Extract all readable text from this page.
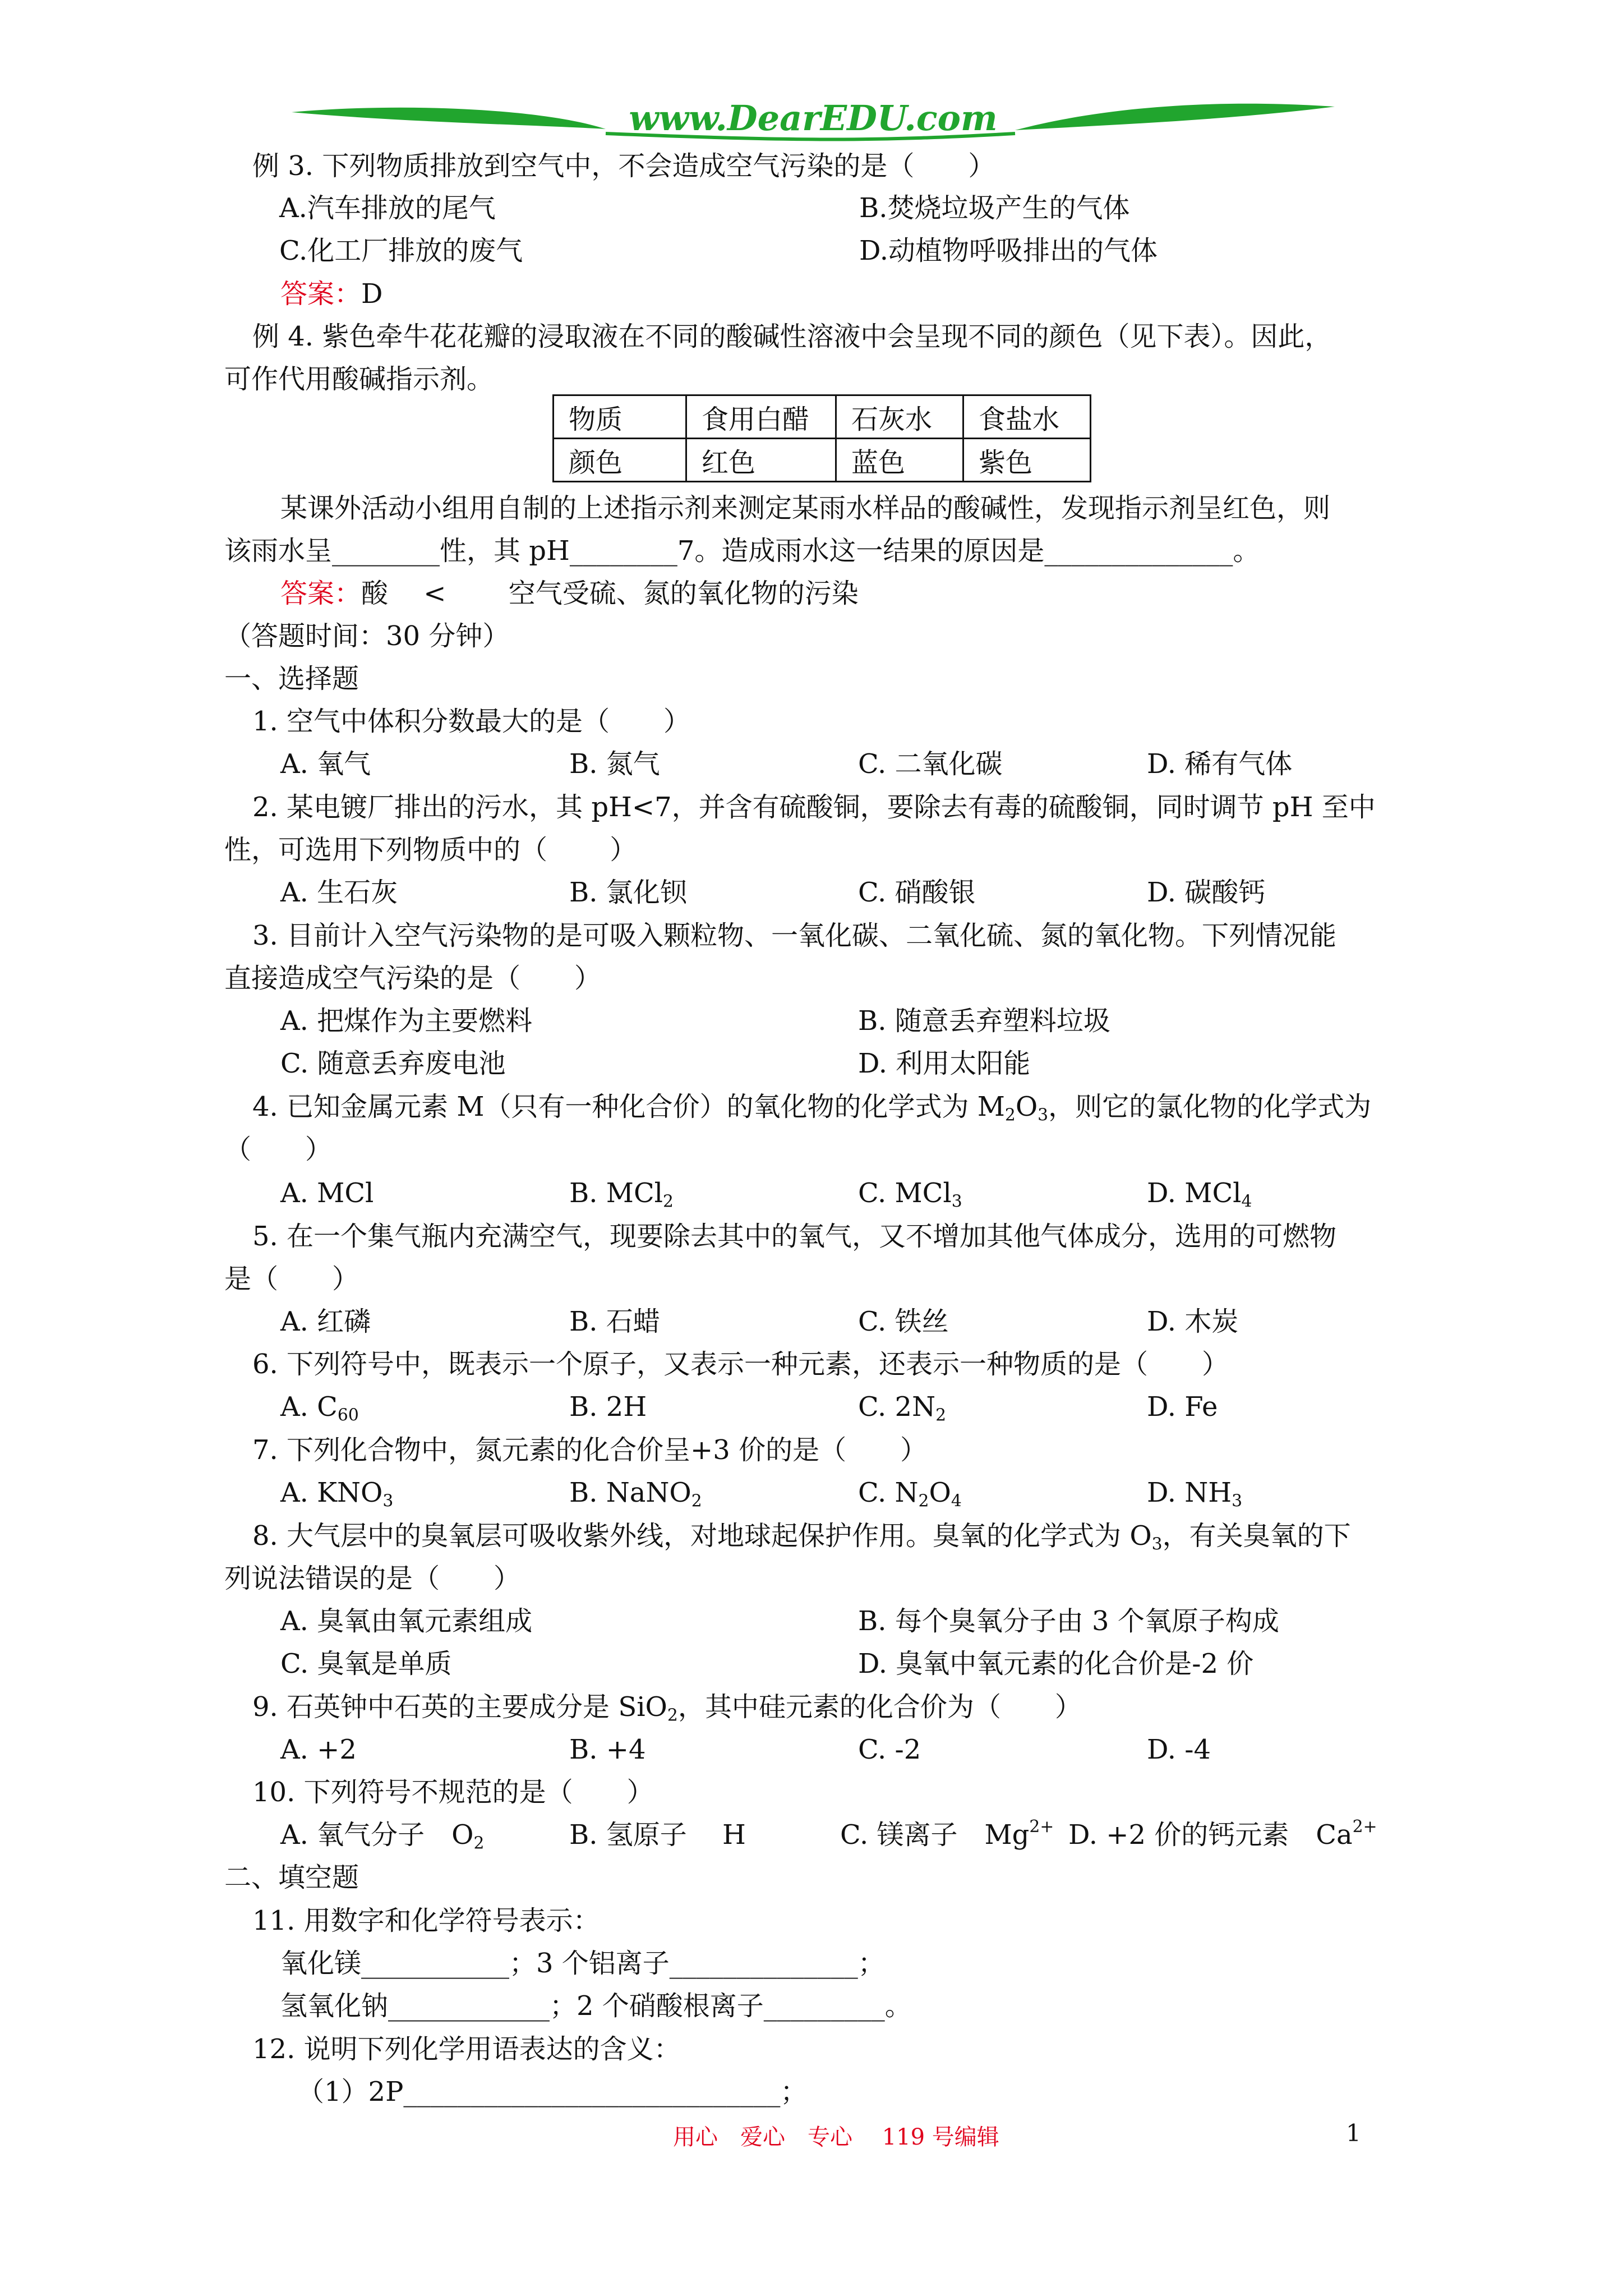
www.DearEDU.com
例 3. 下列物质排放到空气中，不会造成空气污染的是（　　）
A.汽车排放的尾气	B.焚烧垃圾产生的气体
C.化工厂排放的废气	D.动植物呼吸排出的气体
答案：D
例 4. 紫色牵牛花花瓣的浸取液在不同的酸碱性溶液中会呈现不同的颜色（见下表）。因此，
可作代用酸碱指示剂。
物质	食用白醋	石灰水	食盐水
颜色	红色	蓝色	紫色
某课外活动小组用自制的上述指示剂来测定某雨水样品的酸碱性，发现指示剂呈红色，则
该雨水呈________性，其 pH________7。造成雨水这一结果的原因是______________。
答案：酸　 <　 　空气受硫、氮的氧化物的污染
（答题时间：30 分钟）
一、选择题
1. 空气中体积分数最大的是（　　）
A. 氧气	B. 氮气	C. 二氧化碳	D. 稀有气体
2. 某电镀厂排出的污水，其 pH<7，并含有硫酸铜，要除去有毒的硫酸铜，同时调节 pH 至中
性，可选用下列物质中的（　　 ）
A. 生石灰	B. 氯化钡	C. 硝酸银	D. 碳酸钙
3. 目前计入空气污染物的是可吸入颗粒物、一氧化碳、二氧化硫、氮的氧化物。下列情况能
直接造成空气污染的是（　　）
A. 把煤作为主要燃料	B. 随意丢弃塑料垃圾
C. 随意丢弃废电池	D. 利用太阳能
4. 已知金属元素 M（只有一种化合价）的氧化物的化学式为 $M_2O_3$，则它的氯化物的化学式为
（　　）
A. MCl	B. MCl$_2$	C. MCl$_3$	D. MCl$_4$
5. 在一个集气瓶内充满空气，现要除去其中的氧气，又不增加其他气体成分，选用的可燃物
是（　　）
A. 红磷	B. 石蜡	C. 铁丝	D. 木炭
6. 下列符号中，既表示一个原子，又表示一种元素，还表示一种物质的是（　　）
A. $C_{60}$	B. 2H	C. $2N_2$	D. Fe
7. 下列化合物中，氮元素的化合价呈+3 价的是（　　）
A. $KNO_3$	B. NaNO$_2$	C. $N_2O_4$	D. $NH_3$
8. 大气层中的臭氧层可吸收紫外线，对地球起保护作用。臭氧的化学式为 $O_3$，有关臭氧的下
列说法错误的是（　　）
A. 臭氧由氧元素组成	B. 每个臭氧分子由 3 个氧原子构成
C. 臭氧是单质	D. 臭氧中氧元素的化合价是-2 价
9. 石英钟中石英的主要成分是 SiO$_2$，其中硅元素的化合价为（　　）
A. +2	B. +4	C. -2	D. -4
10. 下列符号不规范的是（　　）
A. 氧气分子　$O_2$	B. 氢原子　 H	C. 镁离子　$Mg^{2+}$ D. +2 价的钙元素　$Ca^{2+}$
二、填空题
11. 用数字和化学符号表示：
氧化镁___________；3 个铝离子______________；
氢氧化钠____________；2 个硝酸根离子_________。
12. 说明下列化学用语表达的含义：
（1）2P____________________________；
用心　爱心　专心　 119 号编辑	1
